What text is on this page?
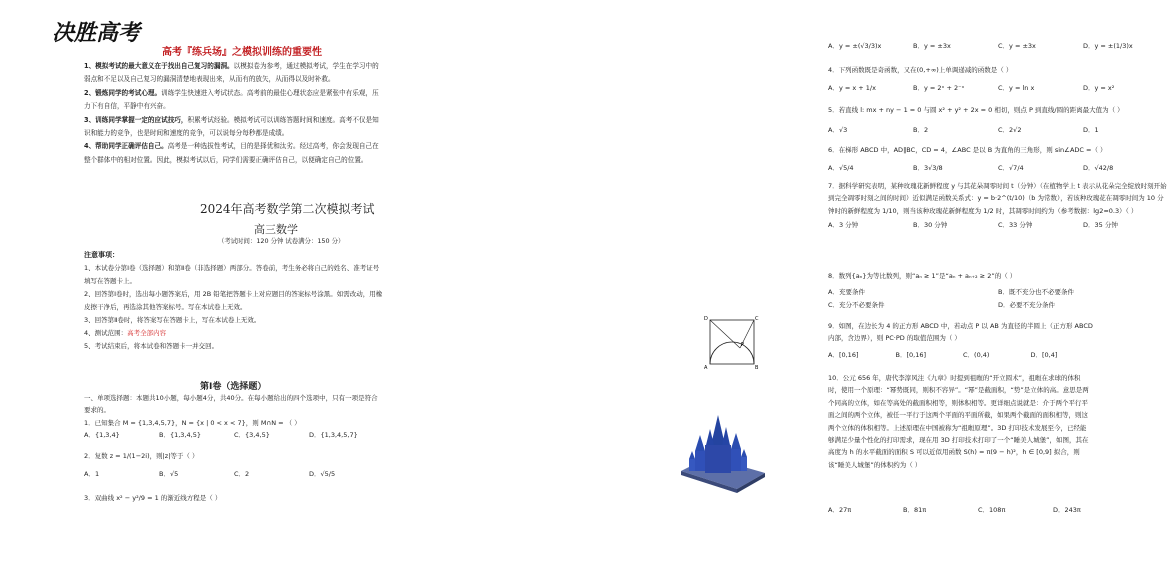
决胜高考
高考『练兵场』之模拟训练的重要性

1、模拟考试的最大意义在于找出自己复习的漏洞。以模拟卷为参考，通过模拟考试，学生在学习中的弱点和不足以及自己复习的漏洞清楚地表现出来，从而有的放矢，从而得以及时补救。

2、锻炼同学的考试心理。训练学生快速进入考试状态。高考前的最佳心理状态应是紧张中有乐观，压力下有自信，平静中有兴奋。

3、训练同学掌握一定的应试技巧，积累考试经验。模拟考试可以训练答题时间和速度。高考不仅是知识和能力的竞争，也是时间和速度的竞争，可以说每分每秒都是成绩。

4、帮助同学正确评估自己。高考是一种选拔性考试，目的是择优和汰劣。经过高考，你会发现自己在整个群体中的相对位置。因此，模拟考试以后，同学们需要正确评估自己，以便确定自己的位置。

2024年高考数学第二次模拟考试
高三数学
（考试时间：120 分钟 试卷满分：150 分）
注意事项：

1、本试卷分第Ⅰ卷（选择题）和第Ⅱ卷（非选择题）两部分。答卷前，考生务必将自己的姓名、准考证号填写在答题卡上。

2、回答第Ⅰ卷时，选出每小题答案后，用 2B 铅笔把答题卡上对应题目的答案标号涂黑。如需改动，用橡皮擦干净后，再选涂其他答案标号。写在本试卷上无效。

3、回答第Ⅱ卷时，将答案写在答题卡上，写在本试卷上无效。

4、测试范围：高考全部内容

5、考试结束后，将本试卷和答题卡一并交回。

第Ⅰ卷（选择题）
一、单项选择题：本题共10小题，每小题4分，共40分。在每小题给出的四个选项中，只有一项是符合要求的。
1．已知集合 M = {1,3,4,5,7}，N = {x | 0 < x < 7}，则 M∩N = （ ）
A．{1,3,4}	B．{1,3,4,5}	C．{3,4,5}	D．{1,3,4,5,7}
2．复数 z = 1/(1−2i)，则|z|等于（ ）
A．1	B．√5	C．2	D．√5/5
3．双曲线 x² − y²/9 = 1 的渐近线方程是（ ）
A．y = ±(√3/3)x	B．y = ±3x	C．y = ±3x	D．y = ±(1/3)x

4．下列函数既是奇函数，又在(0,+∞)上单调递减的函数是（ ）

A．y = x + 1/x	B．y = 2ˣ + 2⁻ˣ	C．y = ln x	D．y = x²

5．若直线 l: mx + ny − 1 = 0 与圆 x² + y² + 2x = 0 相切，则点 P 到直线/圆的距离最大值为（ ）

A．√3	B．2	C．2√2	D．1

6．在梯形 ABCD 中，AD∥BC，CD = 4，∠ABC 是以 B 为直角的三角形，则 sin∠ADC =（ ）

A．√5/4	B．3√3/8	C．√7/4	D．√42/8

7．据科学研究表明，某种玫瑰花新鲜程度 y 与其花朵凋零时间 t（分钟）（在植物学上 t 表示从花朵完全绽放时刻开始到完全凋零时刻之间的时间）近似满足函数关系式：y = b·2^(t/10)（b 为常数），若该种玫瑰花在凋零时间为 10 分钟时的新鲜程度为 1/10，则当该种玫瑰花新鲜程度为 1/2 时，其凋零时间约为（参考数据：lg2≈0.3）（ ）

A．3 分钟	B．30 分钟	C．33 分钟	D．35 分钟

8．数列{aₙ}为等比数列，则“aₙ ≥ 1”是“aₙ + aₙ₊₂ ≥ 2”的（ ）

A．充要条件	B．既不充分也不必要条件
C．充分不必要条件	D．必要不充分条件

9．如图，在边长为 4 的正方形 ABCD 中，若动点 P 以 AB 为直径的半圆上（正方形 ABCD 内部，含边界），则 PC·PD 的取值范围为（ ）

A．[0,16]	B．[0,16]	C．(0,4)	D．[0,4]
D	C
A	B
P

10．公元 656 年，唐代李淳风注《九章》时提到祖暅的“开立圆术”，祖暅在求球的体积时，使用一个原理：“幂势既同，则积不容异”。“幂”是截面积，“势”是立体的高。意思是两个同高的立体，如在等高处的截面积相等，则体积相等。更详细点说就是：介于两个平行平面之间的两个立体，被任一平行于这两个平面的平面所截，如果两个截面的面积相等，则这两个立体的体积相等。上述原理在中国被称为“祖暅原理”。3D 打印技术发展至今，已经能够满足少量个性化的打印需求，现在用 3D 打印技术打印了一个“睡美人城堡”，如图，其在高度为 h 的水平截面的面积 S 可以近似用函数 S(h) = π(9 − h)²，h ∈ [0,9] 拟合，则该“睡美人城堡”的体积约为（ ）

A．27π	B．81π	C．108π	D．243π
